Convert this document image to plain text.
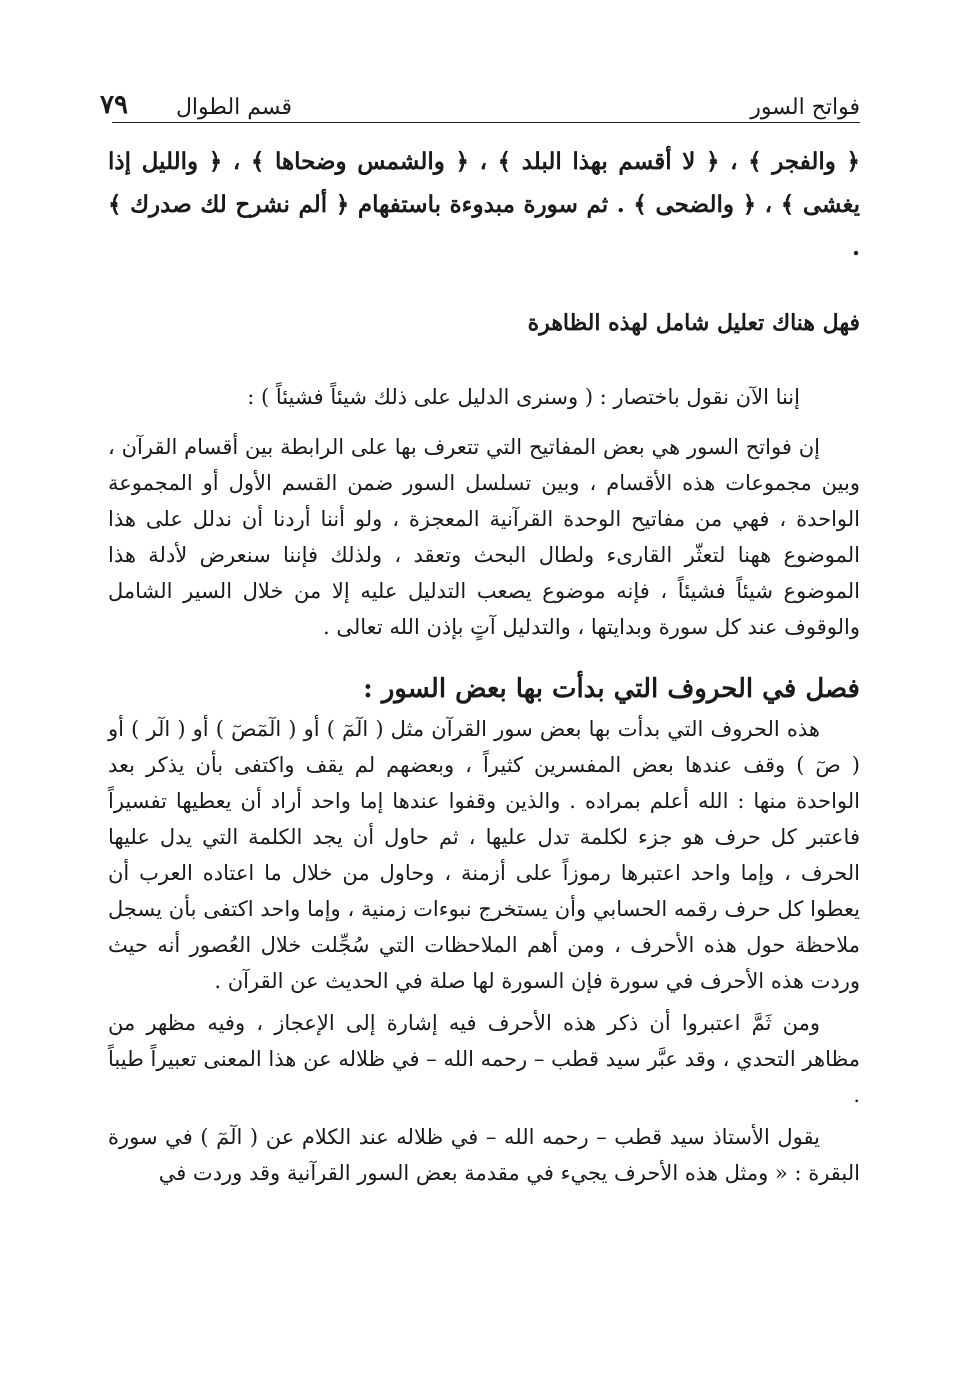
فواتح السور
قسم الطوال
٧٩

﴿ والفجر ﴾ ، ﴿ لا أقسم بهذا البلد ﴾ ، ﴿ والشمس وضحاها ﴾ ، ﴿ والليل إذا يغشى ﴾ ، ﴿ والضحى ﴾ . ثم سورة مبدوءة باستفهام ﴿ ألم نشرح لك صدرك ﴾ .

فهل هناك تعليل شامل لهذه الظاهرة

إننا الآن نقول باختصار : ( وسنرى الدليل على ذلك شيئاً فشيئاً ) :

إن فواتح السور هي بعض المفاتيح التي تتعرف بها على الرابطة بين أقسام القرآن ، وبين مجموعات هذه الأقسام ، وبين تسلسل السور ضمن القسم الأول أو المجموعة الواحدة ، فهي من مفاتيح الوحدة القرآنية المعجزة ، ولو أننا أردنا أن ندلل على هذا الموضوع ههنا لتعثّر القارىء ولطال البحث وتعقد ، ولذلك فإننا سنعرض لأدلة هذا الموضوع شيئاً فشيئاً ، فإنه موضوع يصعب التدليل عليه إلا من خلال السير الشامل والوقوف عند كل سورة وبدايتها ، والتدليل آتٍ بإذن الله تعالى .

فصل في الحروف التي بدأت بها بعض السور :

هذه الحروف التي بدأت بها بعض سور القرآن مثل ( الٓمٓ ) أو ( الٓمٓصٓ ) أو ( الٓر ) أو ( صٓ ) وقف عندها بعض المفسرين كثيراً ، وبعضهم لم يقف واكتفى بأن يذكر بعد الواحدة منها : الله أعلم بمراده . والذين وقفوا عندها إما واحد أراد أن يعطيها تفسيراً فاعتبر كل حرف هو جزء لكلمة تدل عليها ، ثم حاول أن يجد الكلمة التي يدل عليها الحرف ، وإما واحد اعتبرها رموزاً على أزمنة ، وحاول من خلال ما اعتاده العرب أن يعطوا كل حرف رقمه الحسابي وأن يستخرج نبوءات زمنية ، وإما واحد اكتفى بأن يسجل ملاحظة حول هذه الأحرف ، ومن أهم الملاحظات التي سُجِّلت خلال العُصور أنه حيث وردت هذه الأحرف في سورة فإن السورة لها صلة في الحديث عن القرآن .

ومن ثَمَّ اعتبروا أن ذكر هذه الأحرف فيه إشارة إلى الإعجاز ، وفيه مظهر من مظاهر التحدي ، وقد عبَّر سيد قطب – رحمه الله – في ظلاله عن هذا المعنى تعبيراً طيباً .

يقول الأستاذ سيد قطب – رحمه الله – في ظلاله عند الكلام عن ( الٓمٓ ) في سورة البقرة : « ومثل هذه الأحرف يجيء في مقدمة بعض السور القرآنية وقد وردت في
